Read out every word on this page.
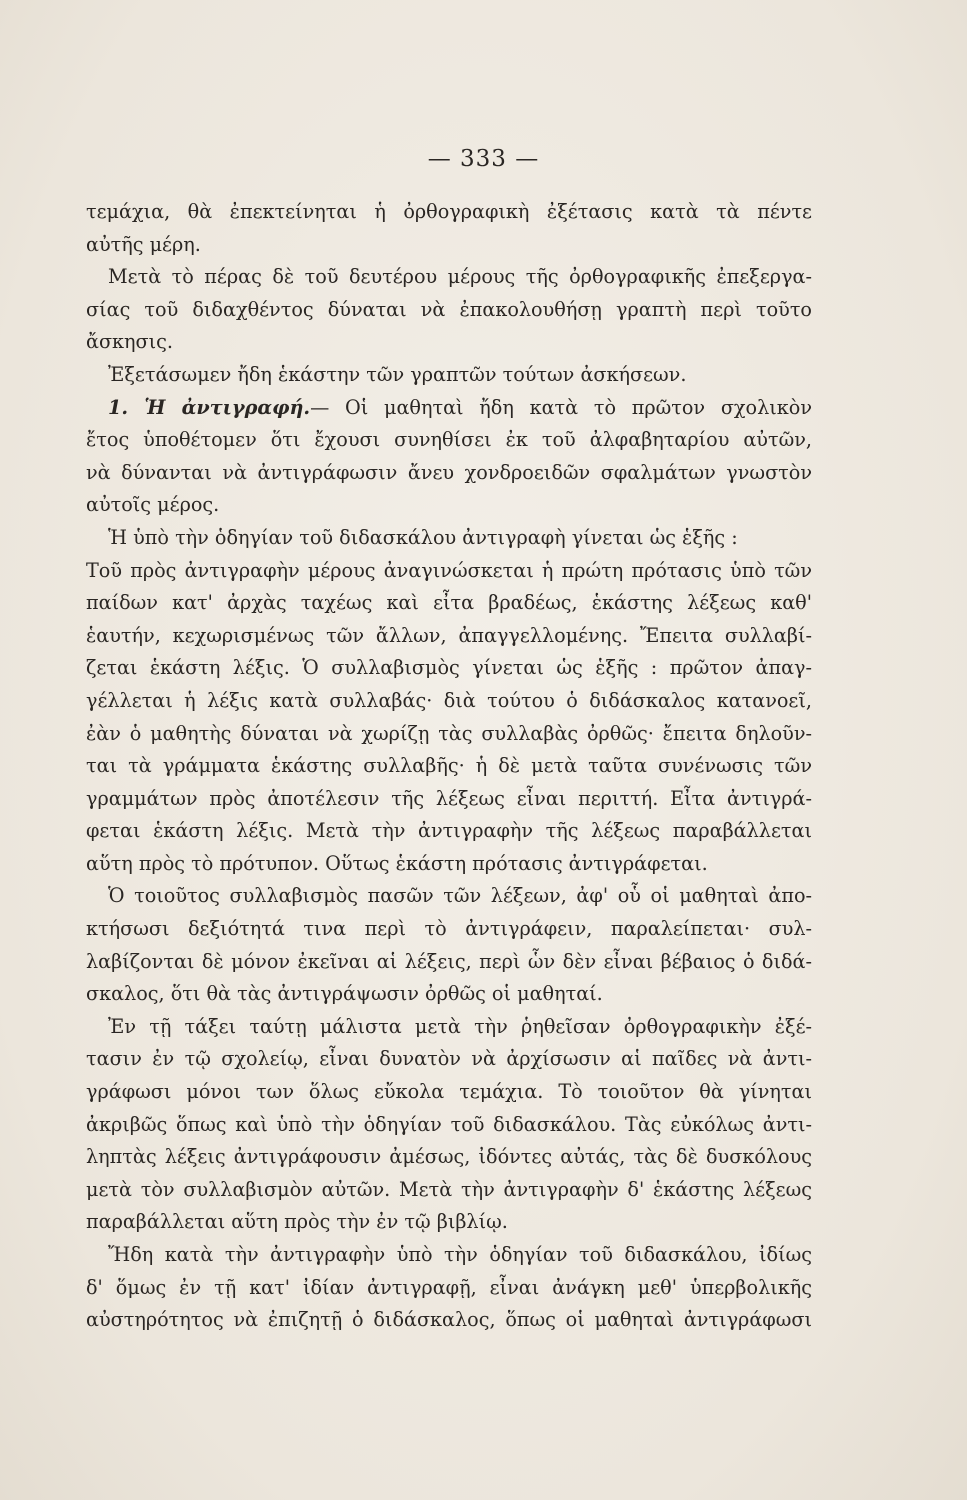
— 333 —
τεμάχια, θὰ ἐπεκτείνηται ἡ ὀρθογραφικὴ ἐξέτασις κατὰ τὰ πέντε
αὐτῆς μέρη.
Μετὰ τὸ πέρας δὲ τοῦ δευτέρου μέρους τῆς ὀρθογραφικῆς ἐπεξεργα-
σίας τοῦ διδαχθέντος δύναται νὰ ἐπακολουθήσῃ γραπτὴ περὶ τοῦτο
ἄσκησις.
Ἐξετάσωμεν ἤδη ἑκάστην τῶν γραπτῶν τούτων ἀσκήσεων.
1. Ἡ ἀντιγραφή.— Οἱ μαθηταὶ ἤδη κατὰ τὸ πρῶτον σχολικὸν
ἔτος ὑποθέτομεν ὅτι ἔχουσι συνηθίσει ἐκ τοῦ ἀλφαβηταρίου αὐτῶν,
νὰ δύνανται νὰ ἀντιγράφωσιν ἄνευ χονδροειδῶν σφαλμάτων γνωστὸν
αὐτοῖς μέρος.
Ἡ ὑπὸ τὴν ὁδηγίαν τοῦ διδασκάλου ἀντιγραφὴ γίνεται ὡς ἑξῆς :
Τοῦ πρὸς ἀντιγραφὴν μέρους ἀναγινώσκεται ἡ πρώτη πρότασις ὑπὸ τῶν
παίδων κατ' ἀρχὰς ταχέως καὶ εἶτα βραδέως, ἑκάστης λέξεως καθ'
ἑαυτήν, κεχωρισμένως τῶν ἄλλων, ἀπαγγελλομένης. Ἔπειτα συλλαβί-
ζεται ἑκάστη λέξις. Ὁ συλλαβισμὸς γίνεται ὡς ἑξῆς : πρῶτον ἀπαγ-
γέλλεται ἡ λέξις κατὰ συλλαβάς· διὰ τούτου ὁ διδάσκαλος κατανοεῖ,
ἐὰν ὁ μαθητὴς δύναται νὰ χωρίζῃ τὰς συλλαβὰς ὀρθῶς· ἔπειτα δηλοῦν-
ται τὰ γράμματα ἑκάστης συλλαβῆς· ἡ δὲ μετὰ ταῦτα συνένωσις τῶν
γραμμάτων πρὸς ἀποτέλεσιν τῆς λέξεως εἶναι περιττή. Εἶτα ἀντιγρά-
φεται ἑκάστη λέξις. Μετὰ τὴν ἀντιγραφὴν τῆς λέξεως παραβάλλεται
αὕτη πρὸς τὸ πρότυπον. Οὕτως ἑκάστη πρότασις ἀντιγράφεται.
Ὁ τοιοῦτος συλλαβισμὸς πασῶν τῶν λέξεων, ἀφ' οὗ οἱ μαθηταὶ ἀπο-
κτήσωσι δεξιότητά τινα περὶ τὸ ἀντιγράφειν, παραλείπεται· συλ-
λαβίζονται δὲ μόνον ἐκεῖναι αἱ λέξεις, περὶ ὧν δὲν εἶναι βέβαιος ὁ διδά-
σκαλος, ὅτι θὰ τὰς ἀντιγράψωσιν ὀρθῶς οἱ μαθηταί.
Ἐν τῇ τάξει ταύτῃ μάλιστα μετὰ τὴν ῥηθεῖσαν ὀρθογραφικὴν ἐξέ-
τασιν ἐν τῷ σχολείῳ, εἶναι δυνατὸν νὰ ἀρχίσωσιν αἱ παῖδες νὰ ἀντι-
γράφωσι μόνοι των ὅλως εὔκολα τεμάχια. Τὸ τοιοῦτον θὰ γίνηται
ἀκριβῶς ὅπως καὶ ὑπὸ τὴν ὁδηγίαν τοῦ διδασκάλου. Τὰς εὐκόλως ἀντι-
ληπτὰς λέξεις ἀντιγράφουσιν ἀμέσως, ἰδόντες αὐτάς, τὰς δὲ δυσκόλους
μετὰ τὸν συλλαβισμὸν αὐτῶν. Μετὰ τὴν ἀντιγραφὴν δ' ἑκάστης λέξεως
παραβάλλεται αὕτη πρὸς τὴν ἐν τῷ βιβλίῳ.
Ἤδη κατὰ τὴν ἀντιγραφὴν ὑπὸ τὴν ὁδηγίαν τοῦ διδασκάλου, ἰδίως
δ' ὅμως ἐν τῇ κατ' ἰδίαν ἀντιγραφῇ, εἶναι ἀνάγκη μεθ' ὑπερβολικῆς
αὐστηρότητος νὰ ἐπιζητῇ ὁ διδάσκαλος, ὅπως οἱ μαθηταὶ ἀντιγράφωσι
